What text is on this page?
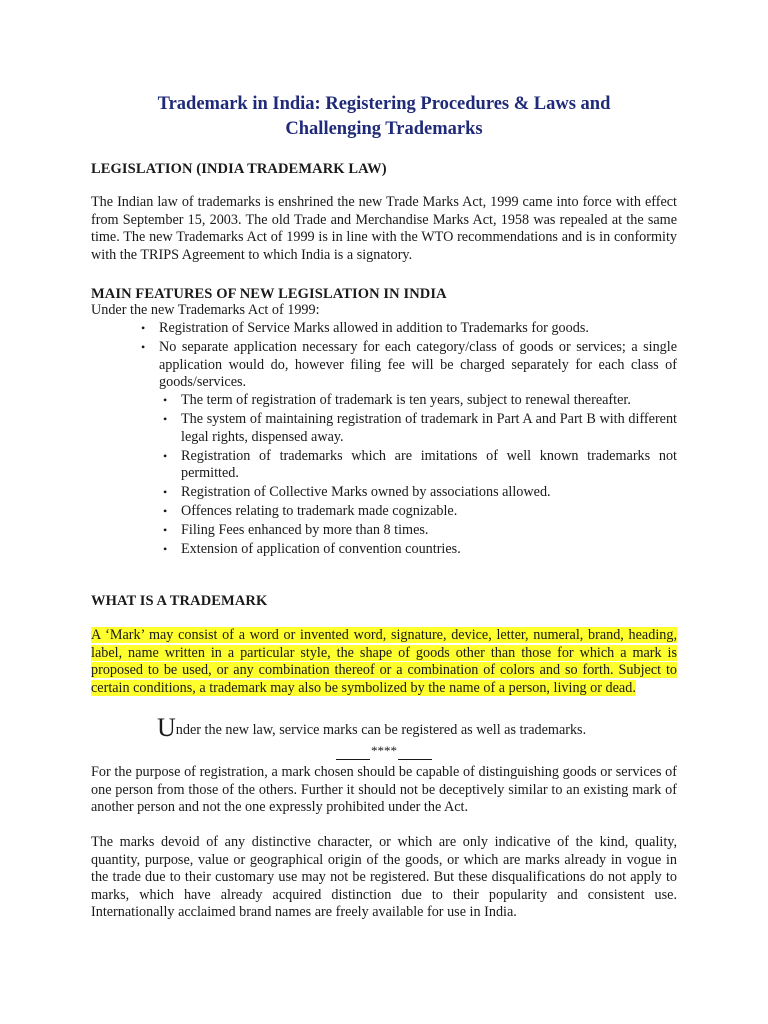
Trademark in India: Registering Procedures & Laws and
Challenging Trademarks
LEGISLATION (INDIA TRADEMARK LAW)

The Indian law of trademarks is enshrined the new Trade Marks Act, 1999 came into force with effect from September 15, 2003. The old Trade and Merchandise Marks Act, 1958 was repealed at the same time. The new Trademarks Act of 1999 is in line with the WTO recommendations and is in conformity with the TRIPS Agreement to which India is a signatory.

MAIN FEATURES OF NEW LEGISLATION IN INDIA

Under the new Trademarks Act of 1999:

• Registration of Service Marks allowed in addition to Trademarks for goods.
• No separate application necessary for each category/class of goods or services; a single application would do, however filing fee will be charged separately for each class of goods/services.
• The term of registration of trademark is ten years, subject to renewal thereafter.
• The system of maintaining registration of trademark in Part A and Part B with different legal rights, dispensed away.
• Registration of trademarks which are imitations of well known trademarks not permitted.
• Registration of Collective Marks owned by associations allowed.
• Offences relating to trademark made cognizable.
• Filing Fees enhanced by more than 8 times.
• Extension of application of convention countries.
WHAT IS A TRADEMARK

A ‘Mark’ may consist of a word or invented word, signature, device, letter, numeral, brand, heading, label, name written in a particular style, the shape of goods other than those for which a mark is proposed to be used, or any combination thereof or a combination of colors and so forth. Subject to certain conditions, a trademark may also be symbolized by the name of a person, living or dead.

Under the new law, service marks can be registered as well as trademarks.

****

For the purpose of registration, a mark chosen should be capable of distinguishing goods or services of one person from those of the others. Further it should not be deceptively similar to an existing mark of another person and not the one expressly prohibited under the Act.

The marks devoid of any distinctive character, or which are only indicative of the kind, quality, quantity, purpose, value or geographical origin of the goods, or which are marks already in vogue in the trade due to their customary use may not be registered. But these disqualifications do not apply to marks, which have already acquired distinction due to their popularity and consistent use. Internationally acclaimed brand names are freely available for use in India.
